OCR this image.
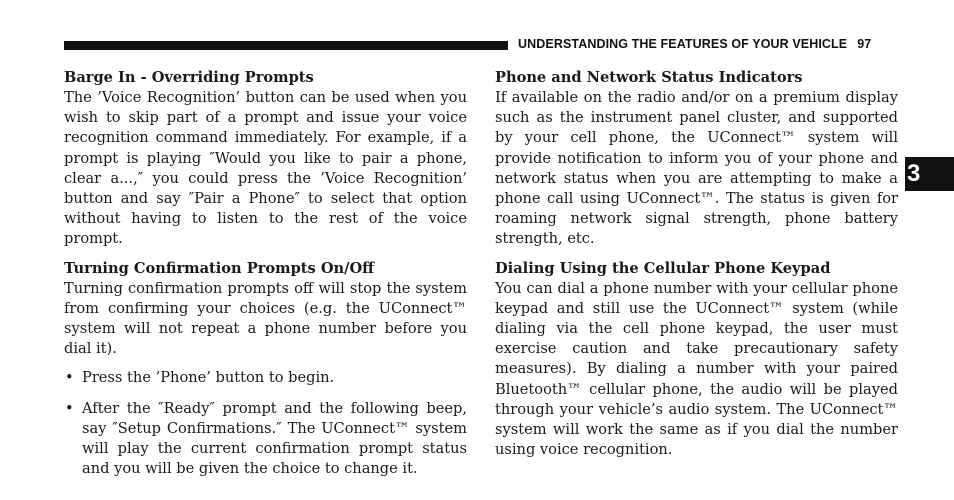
UNDERSTANDING THE FEATURES OF YOUR VEHICLE 97
3
Barge In - Overriding Prompts

The ’Voice Recognition’ button can be used when you wish to skip part of a prompt and issue your voice recognition command immediately. For example, if a prompt is playing ″Would you like to pair a phone, clear a...,″ you could press the ’Voice Recognition’ button and say ″Pair a Phone″ to select that option without having to listen to the rest of the voice prompt.

Turning Confirmation Prompts On/Off

Turning confirmation prompts off will stop the system from confirming your choices (e.g. the UConnect™ system will not repeat a phone number before you dial it).

• Press the ’Phone’ button to begin.
• After the ″Ready″ prompt and the following beep, say ″Setup Confirmations.″ The UConnect™ system will play the current confirmation prompt status and you will be given the choice to change it.
Phone and Network Status Indicators

If available on the radio and/or on a premium display such as the instrument panel cluster, and supported by your cell phone, the UConnect™ system will provide notification to inform you of your phone and network status when you are attempting to make a phone call using UConnect™. The status is given for roaming network signal strength, phone battery strength, etc.

Dialing Using the Cellular Phone Keypad

You can dial a phone number with your cellular phone keypad and still use the UConnect™ system (while dialing via the cell phone keypad, the user must exercise caution and take precautionary safety measures). By dialing a number with your paired Bluetooth™ cellular phone, the audio will be played through your vehicle’s audio system. The UConnect™ system will work the same as if you dial the number using voice recognition.
